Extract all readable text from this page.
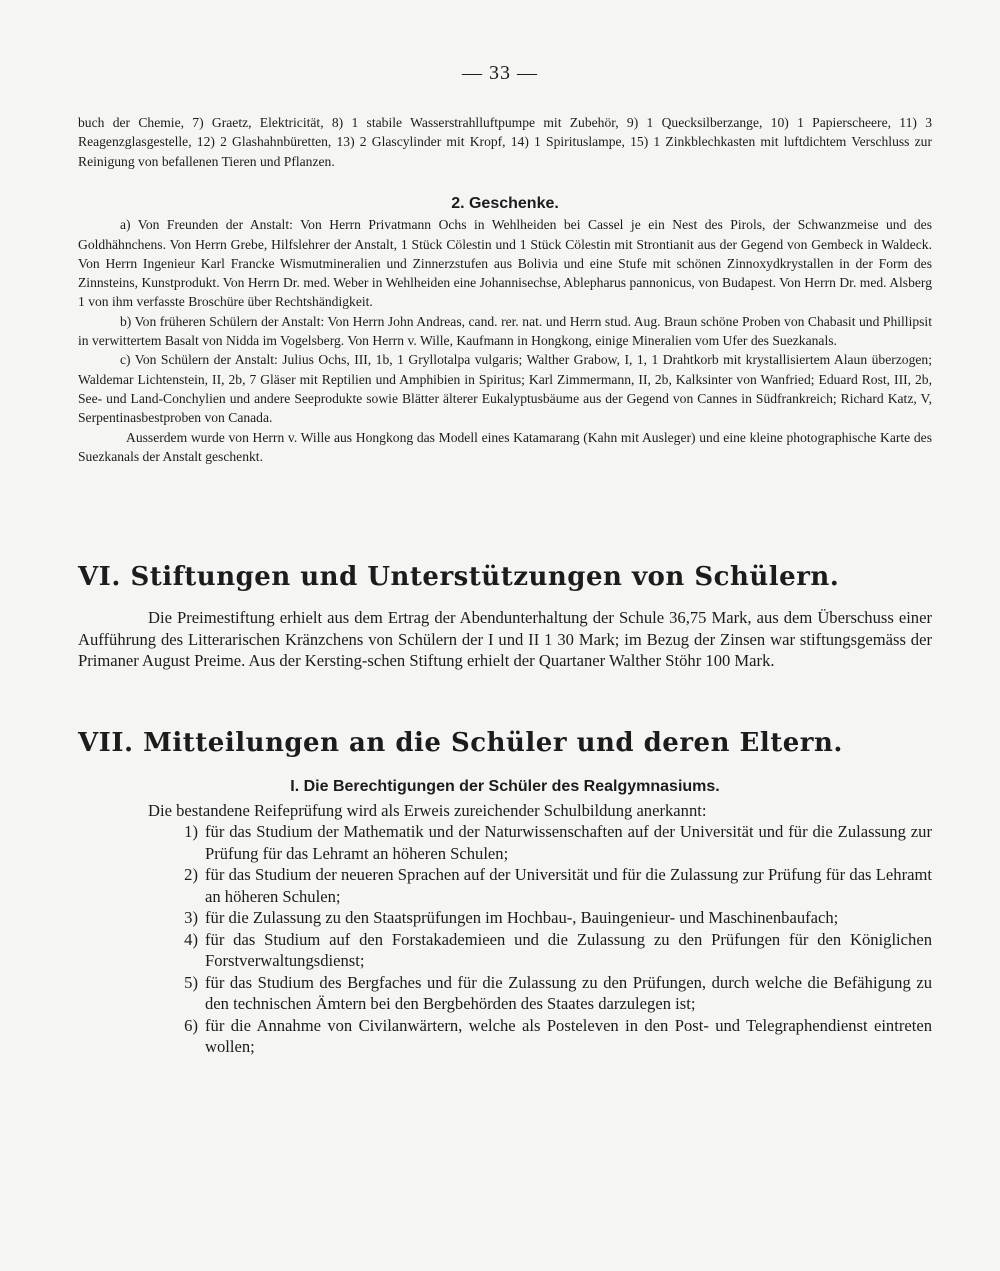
— 33 —

buch der Chemie, 7) Graetz, Elektricität, 8) 1 stabile Wasserstrahlluftpumpe mit Zubehör, 9) 1 Quecksilberzange, 10) 1 Papierscheere, 11) 3 Reagenzglasgestelle, 12) 2 Glashahnbüretten, 13) 2 Glascylinder mit Kropf, 14) 1 Spirituslampe, 15) 1 Zinkblechkasten mit luftdichtem Verschluss zur Reinigung von befallenen Tieren und Pflanzen.

2. Geschenke.

a) Von Freunden der Anstalt: Von Herrn Privatmann Ochs in Wehlheiden bei Cassel je ein Nest des Pirols, der Schwanzmeise und des Goldhähnchens. Von Herrn Grebe, Hilfslehrer der Anstalt, 1 Stück Cölestin und 1 Stück Cölestin mit Strontianit aus der Gegend von Gembeck in Waldeck. Von Herrn Ingenieur Karl Francke Wismutmineralien und Zinnerzstufen aus Bolivia und eine Stufe mit schönen Zinnoxydkrystallen in der Form des Zinnsteins, Kunstprodukt. Von Herrn Dr. med. Weber in Wehlheiden eine Johannisechse, Ablepharus pannonicus, von Budapest. Von Herrn Dr. med. Alsberg 1 von ihm verfasste Broschüre über Rechtshändigkeit.

b) Von früheren Schülern der Anstalt: Von Herrn John Andreas, cand. rer. nat. und Herrn stud. Aug. Braun schöne Proben von Chabasit und Phillipsit in verwittertem Basalt von Nidda im Vogelsberg. Von Herrn v. Wille, Kaufmann in Hongkong, einige Mineralien vom Ufer des Suezkanals.

c) Von Schülern der Anstalt: Julius Ochs, III, 1b, 1 Gryllotalpa vulgaris; Walther Grabow, I, 1, 1 Drahtkorb mit krystallisiertem Alaun überzogen; Waldemar Lichtenstein, II, 2b, 7 Gläser mit Reptilien und Amphibien in Spiritus; Karl Zimmermann, II, 2b, Kalksinter von Wanfried; Eduard Rost, III, 2b, See- und Land-Conchylien und andere Seeprodukte sowie Blätter älterer Eukalyptusbäume aus der Gegend von Cannes in Südfrankreich; Richard Katz, V, Serpentinasbestproben von Canada.

Ausserdem wurde von Herrn v. Wille aus Hongkong das Modell eines Katamarang (Kahn mit Ausleger) und eine kleine photographische Karte des Suezkanals der Anstalt geschenkt.

VI. Stiftungen und Unterstützungen von Schülern.

Die Preimestiftung erhielt aus dem Ertrag der Abendunterhaltung der Schule 36,75 Mark, aus dem Überschuss einer Aufführung des Litterarischen Kränzchens von Schülern der I und II 1 30 Mark; im Bezug der Zinsen war stiftungsgemäss der Primaner August Preime. Aus der Kersting-schen Stiftung erhielt der Quartaner Walther Stöhr 100 Mark.

VII. Mitteilungen an die Schüler und deren Eltern.
I. Die Berechtigungen der Schüler des Realgymnasiums.

Die bestandene Reifeprüfung wird als Erweis zureichender Schulbildung anerkannt:

1) für das Studium der Mathematik und der Naturwissenschaften auf der Universität und für die Zulassung zur Prüfung für das Lehramt an höheren Schulen;
2) für das Studium der neueren Sprachen auf der Universität und für die Zulassung zur Prüfung für das Lehramt an höheren Schulen;
3) für die Zulassung zu den Staatsprüfungen im Hochbau-, Bauingenieur- und Maschinenbaufach;
4) für das Studium auf den Forstakademieen und die Zulassung zu den Prüfungen für den Königlichen Forstverwaltungsdienst;
5) für das Studium des Bergfaches und für die Zulassung zu den Prüfungen, durch welche die Befähigung zu den technischen Ämtern bei den Bergbehörden des Staates darzulegen ist;
6) für die Annahme von Civilanwärtern, welche als Posteleven in den Post- und Telegraphendienst eintreten wollen;
